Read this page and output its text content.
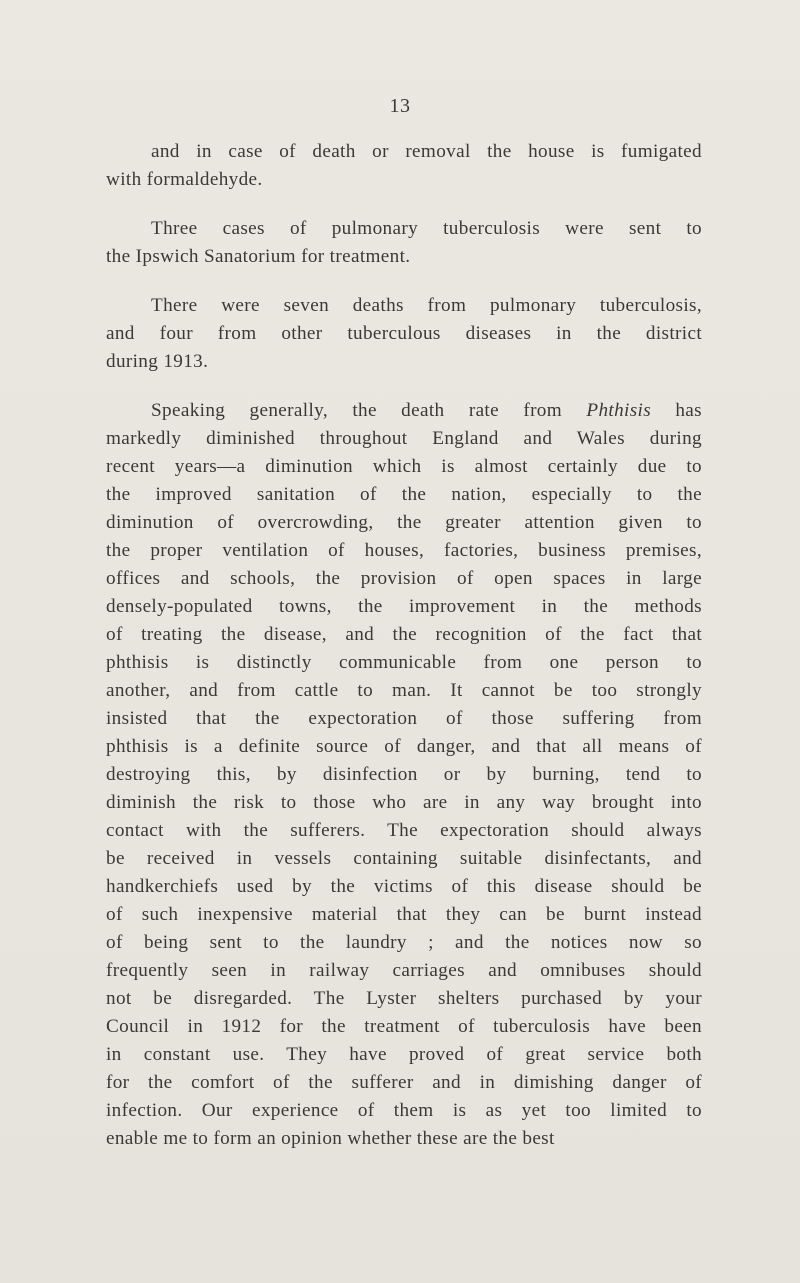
13

and in case of death or removal the house is fumigated
with formaldehyde.

Three cases of pulmonary tuberculosis were sent to
the Ipswich Sanatorium for treatment.

There were seven deaths from pulmonary tuberculosis,
and four from other tuberculous diseases in the district
during 1913.

Speaking generally, the death rate from Phthisis has
markedly diminished throughout England and Wales during
recent years—a diminution which is almost certainly due to
the improved sanitation of the nation, especially to the
diminution of overcrowding, the greater attention given to
the proper ventilation of houses, factories, business premises,
offices and schools, the provision of open spaces in large
densely-populated towns, the improvement in the methods
of treating the disease, and the recognition of the fact that
phthisis is distinctly communicable from one person to
another, and from cattle to man. It cannot be too strongly
insisted that the expectoration of those suffering from
phthisis is a definite source of danger, and that all means of
destroying this, by disinfection or by burning, tend to
diminish the risk to those who are in any way brought into
contact with the sufferers. The expectoration should always
be received in vessels containing suitable disinfectants, and
handkerchiefs used by the victims of this disease should be
of such inexpensive material that they can be burnt instead
of being sent to the laundry ; and the notices now so
frequently seen in railway carriages and omnibuses should
not be disregarded. The Lyster shelters purchased by your
Council in 1912 for the treatment of tuberculosis have been
in constant use. They have proved of great service both
for the comfort of the sufferer and in dimishing danger of
infection. Our experience of them is as yet too limited to
enable me to form an opinion whether these are the best
